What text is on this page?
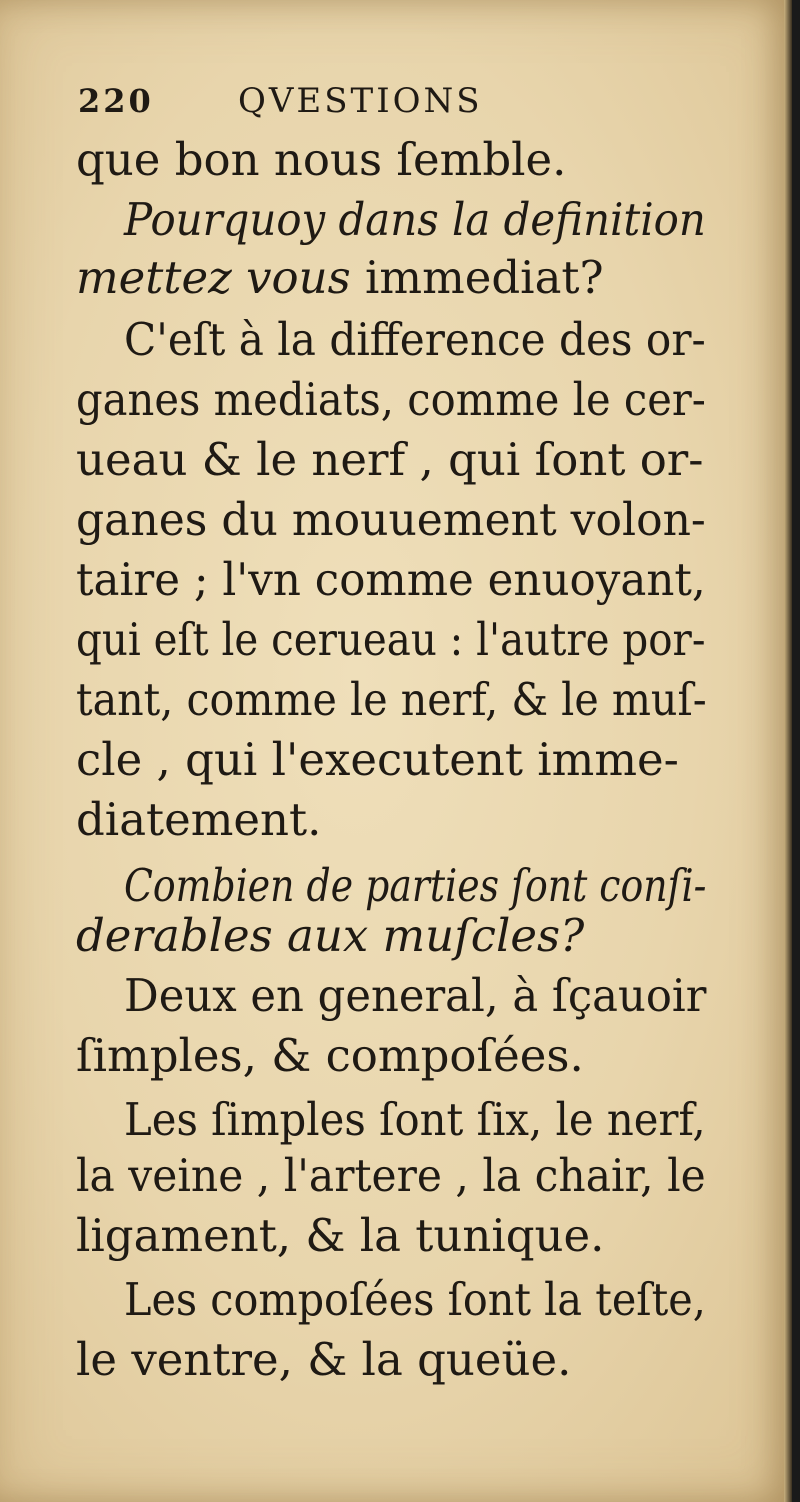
220 QVESTIONS
que bon nous ſemble.
Pourquoy dans la definition
mettez vous immediat?
C'eſt à la difference des or-
ganes mediats, comme le cer-
ueau & le nerf , qui ſont or-
ganes du mouuement volon-
taire ; l'vn comme enuoyant,
qui eſt le cerueau : l'autre por-
tant, comme le nerf, & le muſ-
cle , qui l'executent imme-
diatement.
Combien de parties ſont conſi-
derables aux muſcles?
Deux en general, à ſçauoir
ſimples, & compoſées.
Les ſimples ſont ſix, le nerf,
la veine , l'artere , la chair, le
ligament, & la tunique.
Les compoſées ſont la teſte,
le ventre, & la queüe.
